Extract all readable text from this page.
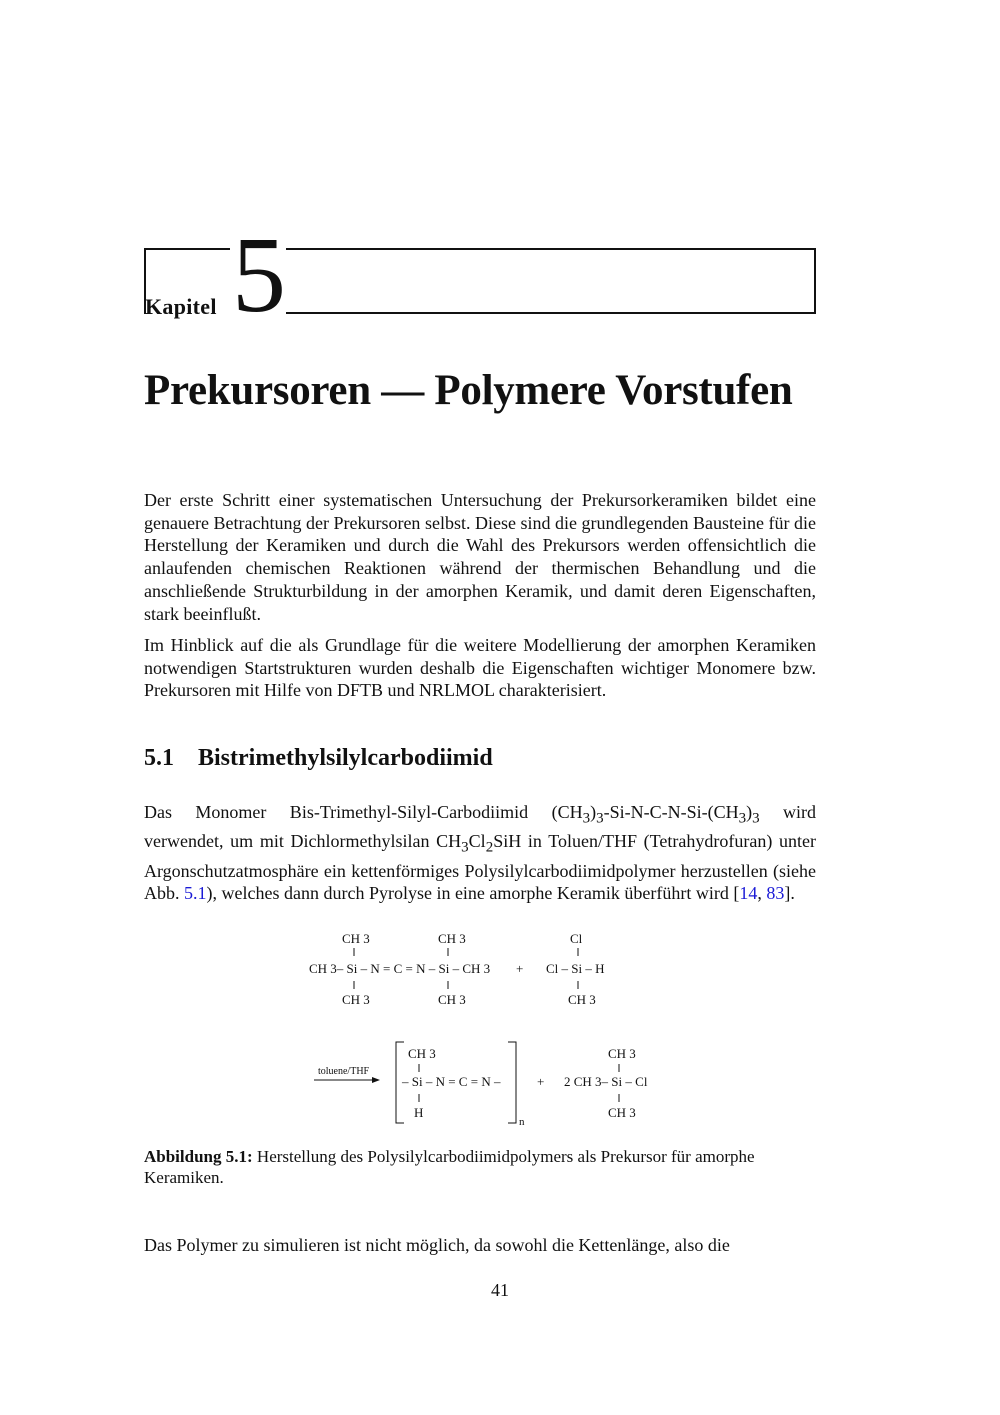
Kapitel 5
Prekursoren — Polymere Vorstufen

Der erste Schritt einer systematischen Untersuchung der Prekursorkeramiken bildet eine genauere Betrachtung der Prekursoren selbst. Diese sind die grundlegenden Bausteine für die Herstellung der Keramiken und durch die Wahl des Prekursors werden offensichtlich die anlaufenden chemischen Reaktionen während der thermischen Behandlung und die anschließende Strukturbildung in der amorphen Keramik, und damit deren Eigenschaften, stark beeinflußt.

Im Hinblick auf die als Grundlage für die weitere Modellierung der amorphen Keramiken notwendigen Startstrukturen wurden deshalb die Eigenschaften wichtiger Monomere bzw. Prekursoren mit Hilfe von DFTB und NRLMOL charakterisiert.

5.1 Bistrimethylsilylcarbodiimid

Das Monomer Bis-Trimethyl-Silyl-Carbodiimid $(CH_3)_3-Si-N-C-N-Si-(CH_3)_3$ wird verwendet, um mit Dichlormethylsilan $CH_3Cl_2SiH$ in Toluen/THF (Tetrahydrofuran) unter Argonschutzatmosphäre ein kettenförmiges Polysilylcarbodiimidpolymer herzustellen (siehe Abb. 5.1), welches dann durch Pyrolyse in eine amorphe Keramik überführt wird [14, 83].

CH 3	CH 3	Cl
CH 3– Si – N = C = N – Si – CH 3 + Cl – Si – H
CH 3	CH 3	CH 3
toluene/THF
CH 3
– Si – N = C = N –
H
n
+
CH 3
2 CH 3– Si – Cl
CH 3

Abbildung 5.1: Herstellung des Polysilylcarbodiimidpolymers als Prekursor für amorphe Keramiken.

Das Polymer zu simulieren ist nicht möglich, da sowohl die Kettenlänge, also die

41
